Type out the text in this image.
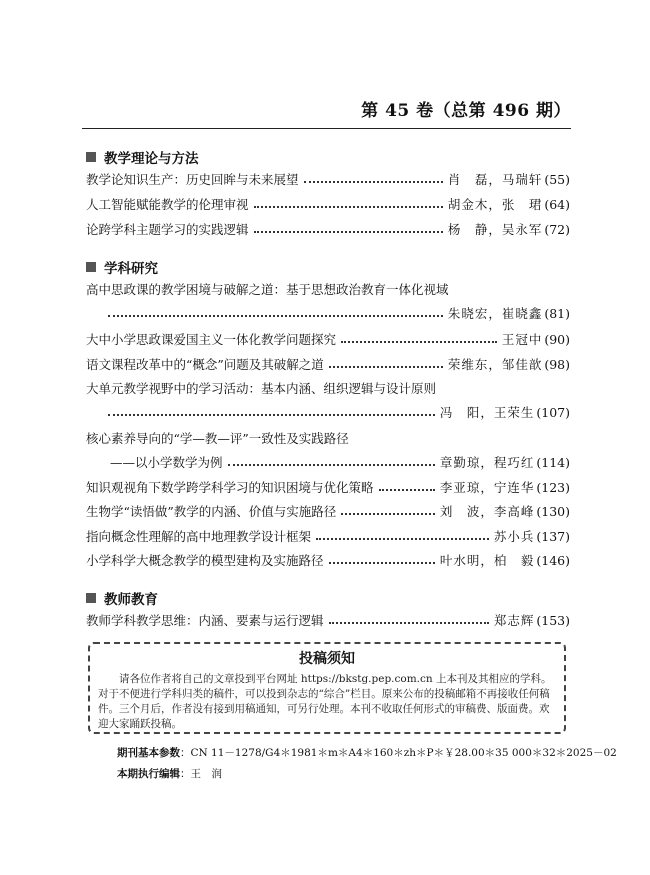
第 45 卷（总第 496 期）
教学理论与方法
教学论知识生产：历史回眸与未来展望	肖　磊，马瑞轩 (55)
人工智能赋能教学的伦理审视	胡金木，张　珺 (64)
论跨学科主题学习的实践逻辑	杨　静，吴永军 (72)
学科研究
高中思政课的教学困境与破解之道：基于思想政治教育一体化视域
朱晓宏，崔晓鑫 (81)
大中小学思政课爱国主义一体化教学问题探究	王冠中 (90)
语文课程改革中的“概念”问题及其破解之道	荣维东，邹佳歆 (98)
大单元教学视野中的学习活动：基本内涵、组织逻辑与设计原则
冯　阳，王荣生 (107)
核心素养导向的“学—教—评”一致性及实践路径
——以小学数学为例	章勤琼，程巧红 (114)
知识观视角下数学跨学科学习的知识困境与优化策略	李亚琼，宁连华 (123)
生物学“读悟做”教学的内涵、价值与实施路径	刘　波，李高峰 (130)
指向概念性理解的高中地理教学设计框架	苏小兵 (137)
小学科学大概念教学的模型建构及实施路径	叶水明，柏　毅 (146)
教师教育
教师学科教学思维：内涵、要素与运行逻辑	郑志辉 (153)
投稿须知
请各位作者将自己的文章投到平台网址 https://bkstg.pep.com.cn 上本刊及其相应的学科。对于不便进行学科归类的稿件，可以投到杂志的“综合”栏目。原来公布的投稿邮箱不再接收任何稿件。三个月后，作者没有接到用稿通知，可另行处理。本刊不收取任何形式的审稿费、版面费。欢迎大家踊跃投稿。
期刊基本参数：CN 11－1278/G4＊1981＊m＊A4＊160＊zh＊P＊￥28.00＊35 000＊32＊2025－02
本期执行编辑：王　润
